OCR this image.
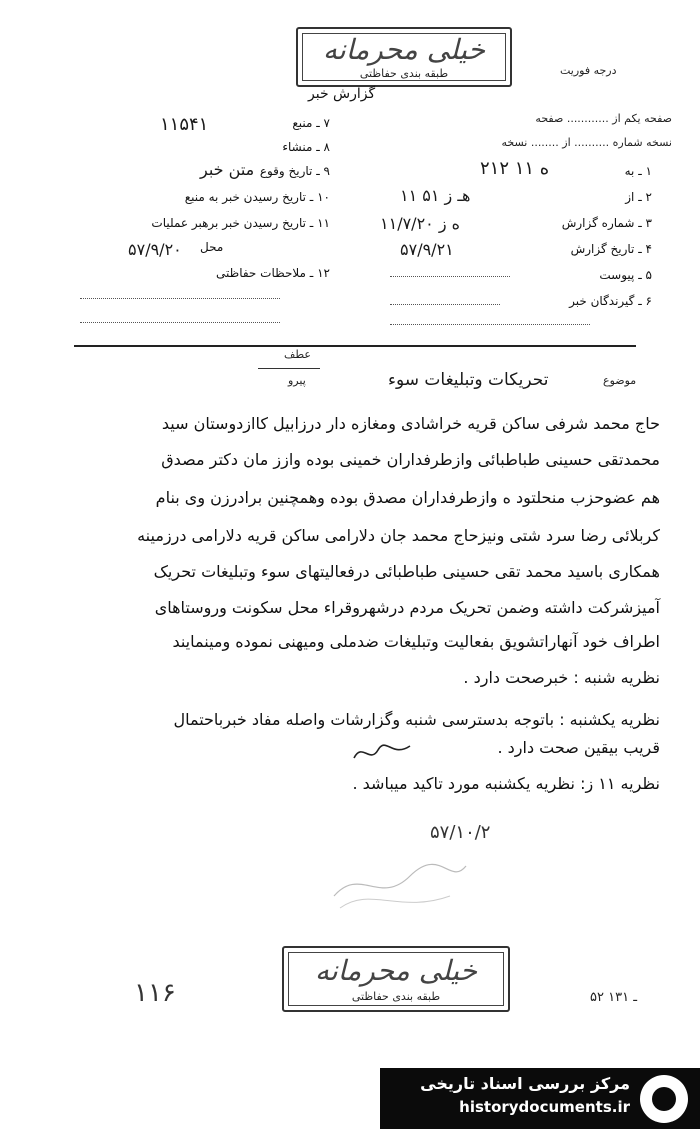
خیلی محرمانه
طبقه بندی حفاظتی	درجه فوریت
گزارش خبر
صفحه یکم از ............ صفحه
نسخه شماره .......... از ........ نسخه
۷ ـ منبع
۱۱۵۴۱
۸ ـ منشاء
۹ ـ تاریخ وقوع
متن خبر
۱۰ ـ تاریخ رسیدن خبر به منبع
۱۱ ـ تاریخ رسیدن خبر برهبر عملیات
محل
۵۷/۹/۲۰
۱۲ ـ ملاحظات حفاظتی
۱ ـ به
۲۱۲ ۱۱ ه
۲ ـ از
۱۱ هـ ز ۵۱
۳ ـ شماره گزارش
۱۱/۷/۲۰ ه ز
۴ ـ تاریخ گزارش
۵۷/۹/۲۱
۵ ـ پیوست
۶ ـ گیرندگان خبر
موضوع
تحریکات وتبلیغات سوء
عطف
پیرو
حاج محمد شرفی ساکن قریه خراشادی ومغازه دار درزابیل کاازدوستان سید
محمدتقی حسینی طباطبائی وازطرفداران خمینی بوده وازز مان دکتر مصدق
هم عضوحزب منحلتود ه وازطرفداران مصدق بوده وهمچنین برادرزن وی بنام
کربلائی رضا سرد شتی ونیزحاج محمد جان دلارامی ساکن قریه دلارامی درزمینه
همکاری باسید محمد تقی حسینی طباطبائی درفعالیتهای سوء وتبلیغات تحریک
آمیزشرکت داشته وضمن تحریک مردم درشهروقراء محل سکونت وروستاهای
اطراف خود آنهاراتشویق بفعالیت وتبلیغات ضدملی ومیهنی نموده ومینمایند
نظریه شنبه : خبرصحت دارد .
نظریه یکشنبه : باتوجه بدسترسی شنبه وگزارشات واصله مفاد خبرباحتمال
قریب بیقین صحت دارد .
نظریه ۱۱ ز: نظریه یکشنبه مورد تاکید میباشد .
۵۷/۱۰/۲
خیلی محرمانه
طبقه بندی حفاظتی	۵۲ ـ ۱۳۱
۱۱۶
مرکز بررسی اسناد تاریخی
historydocuments.ir
